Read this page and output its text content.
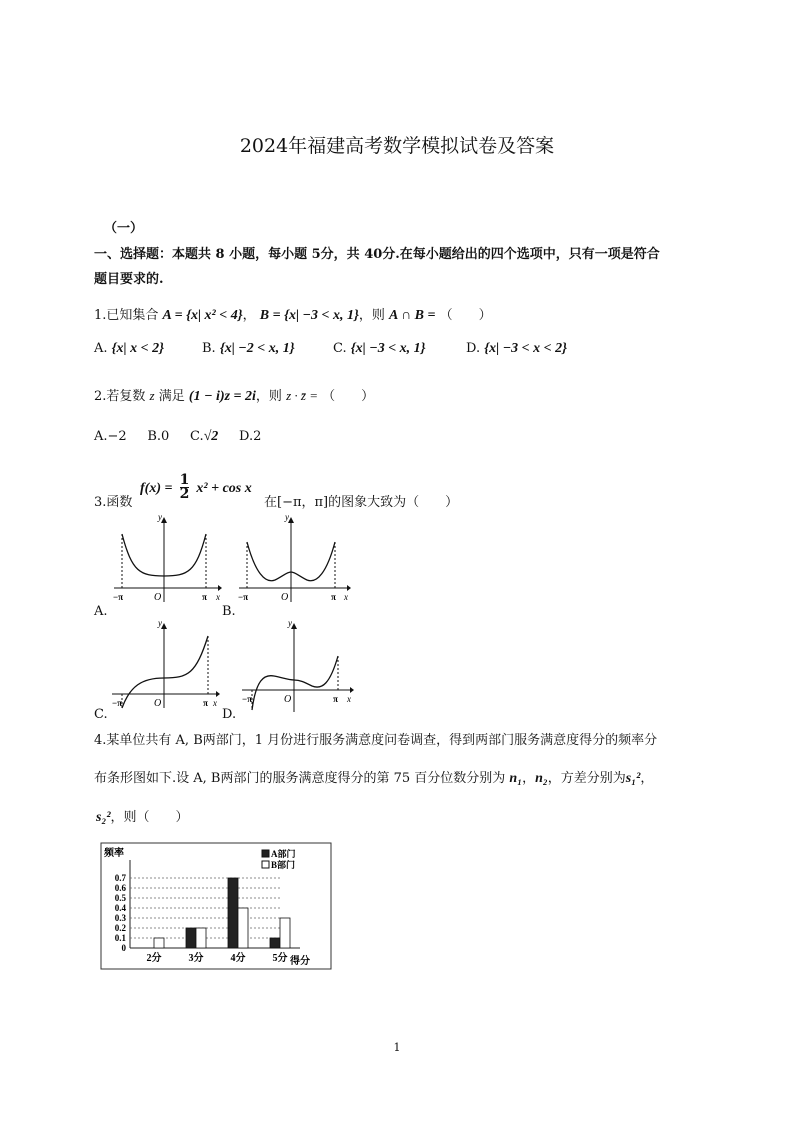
2024年福建高考数学模拟试卷及答案
（一）
一、选择题：本题共 8 小题，每小题 5分，共 40分.在每小题给出的四个选项中，只有一项是符合
题目要求的.
1.已知集合 A = {x| x² < 4}， B = {x| −3 < x, 1}，则 A ∩ B = （　　）
A. {x| x < 2}	B. {x| −2 < x, 1}	C. {x| −3 < x, 1}	D. {x| −3 < x < 2}
2.若复数 z 满足 (1 − i)z = 2i，则 z · z̄ = （　　）
A.−2 B.0 C.√2 D.2
3.函数
$f(x) = \frac{1}{2} x^2 + \cos x$
在[−π，π]的图象大致为（　　）
y
x
O
−π	π
A.
y
x
O
−π	π
B.
y
x
O
−π	π
C.
y
x
O
−π	π
D.
4.某单位共有 A, B两部门，1 月份进行服务满意度问卷调查，得到两部门服务满意度得分的频率分
布条形图如下.设 A, B两部门的服务满意度得分的第 75 百分位数分别为 n₁，n₂，方差分别为s₁²，
s₂²，则（　　）
频率
得分
0.7
0.6
0.5
0.4
0.3
0.2
0.1
0
2分	3分	4分	5分
A部门
B部门
1
